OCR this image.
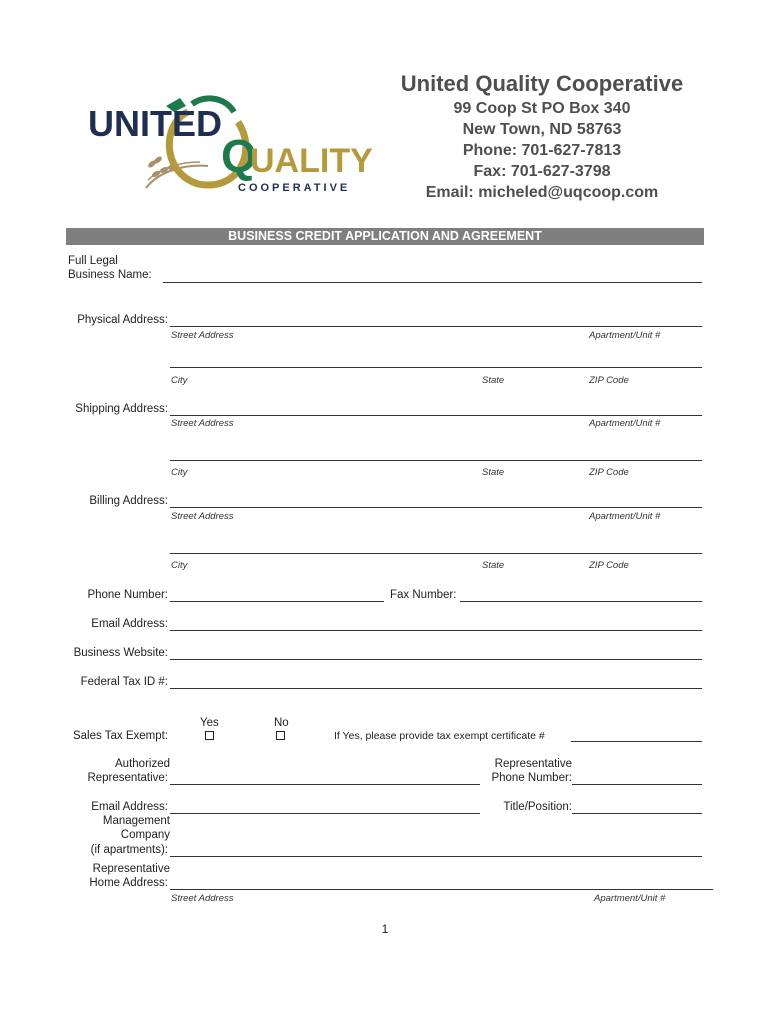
UNITED
Q
UALITY
COOPERATIVE
United Quality Cooperative
99 Coop St PO Box 340
New Town, ND 58763
Phone: 701-627-7813
Fax: 701-627-3798
Email: micheled@uqcoop.com
BUSINESS CREDIT APPLICATION AND AGREEMENT
Full Legal
Business Name:
Physical Address:
Street Address	Apartment/Unit #
City	State	ZIP Code
Shipping Address:
Street Address	Apartment/Unit #
City	State	ZIP Code
Billing Address:
Street Address	Apartment/Unit #
City	State	ZIP Code
Phone Number:	Fax Number:
Email Address:
Business Website:
Federal Tax ID #:
Yes	No
Sales Tax Exempt:	If Yes, please provide tax exempt certificate #
Authorized
Representative:
Representative
Phone Number:
Email Address:	Title/Position:
Management
Company
(if apartments):
Representative
Home Address:
Street Address	Apartment/Unit #
1
